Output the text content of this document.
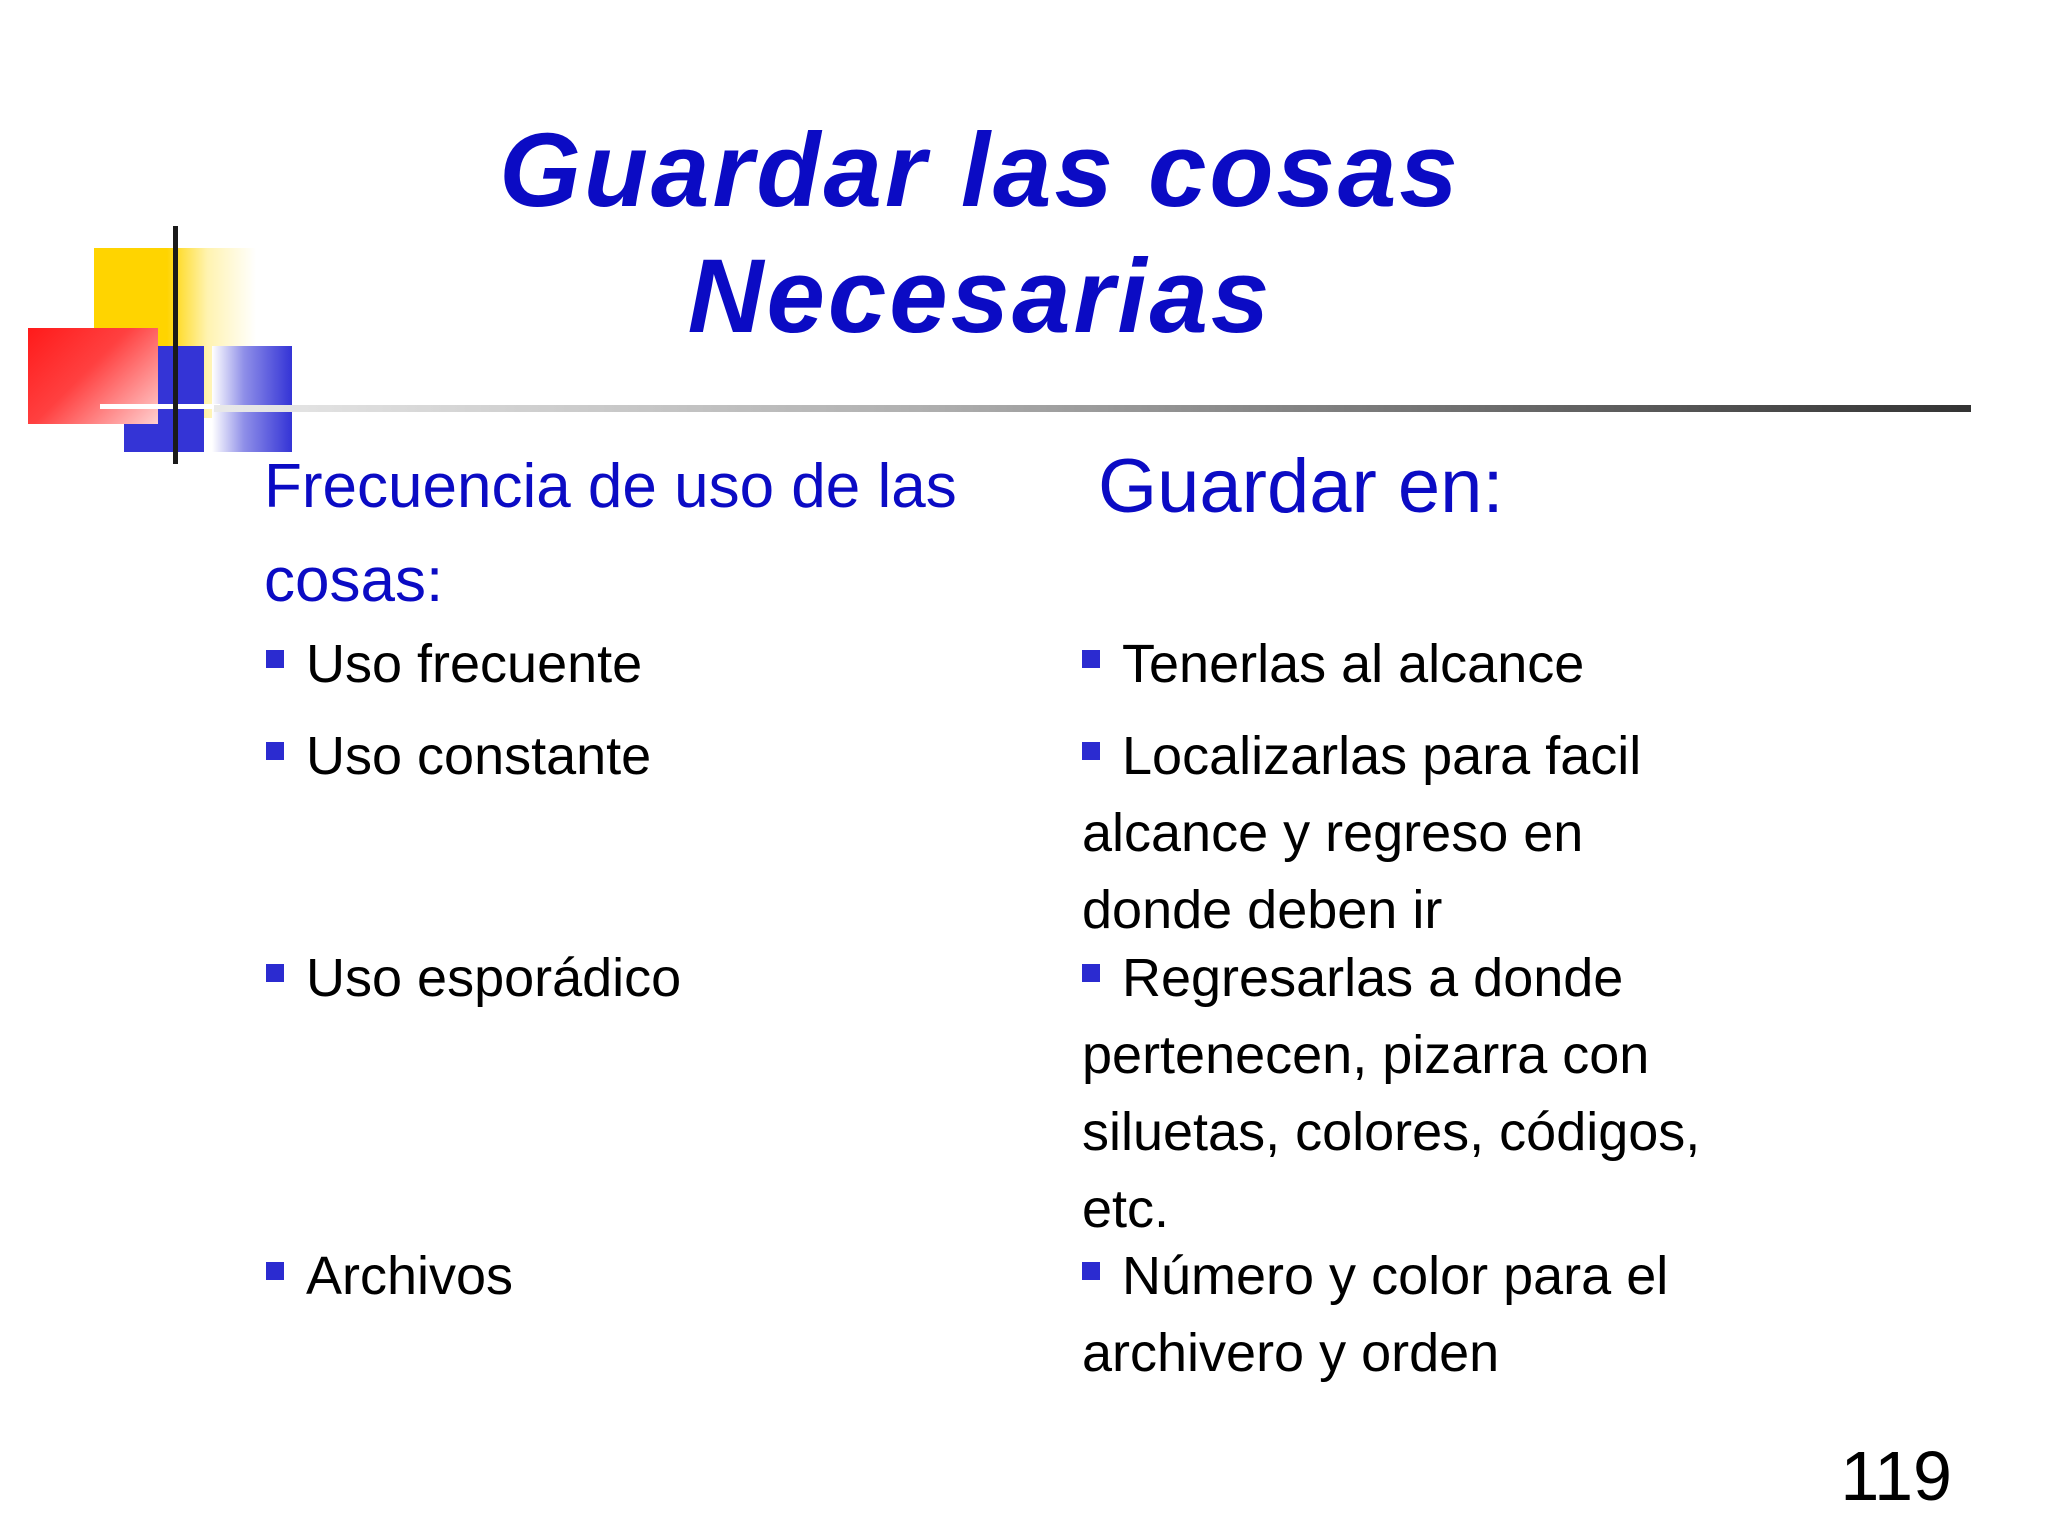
Guardar las cosas
Necesarias
Frecuencia de uso de las cosas:
Guardar en:
Uso frecuente	Tenerlas al alcance
Uso constante	Localizarlas para facil alcance y regreso en donde deben ir
Uso esporádico	Regresarlas a donde pertenecen, pizarra con siluetas, colores, códigos, etc.
Archivos	Número y color para el archivero y orden
119
